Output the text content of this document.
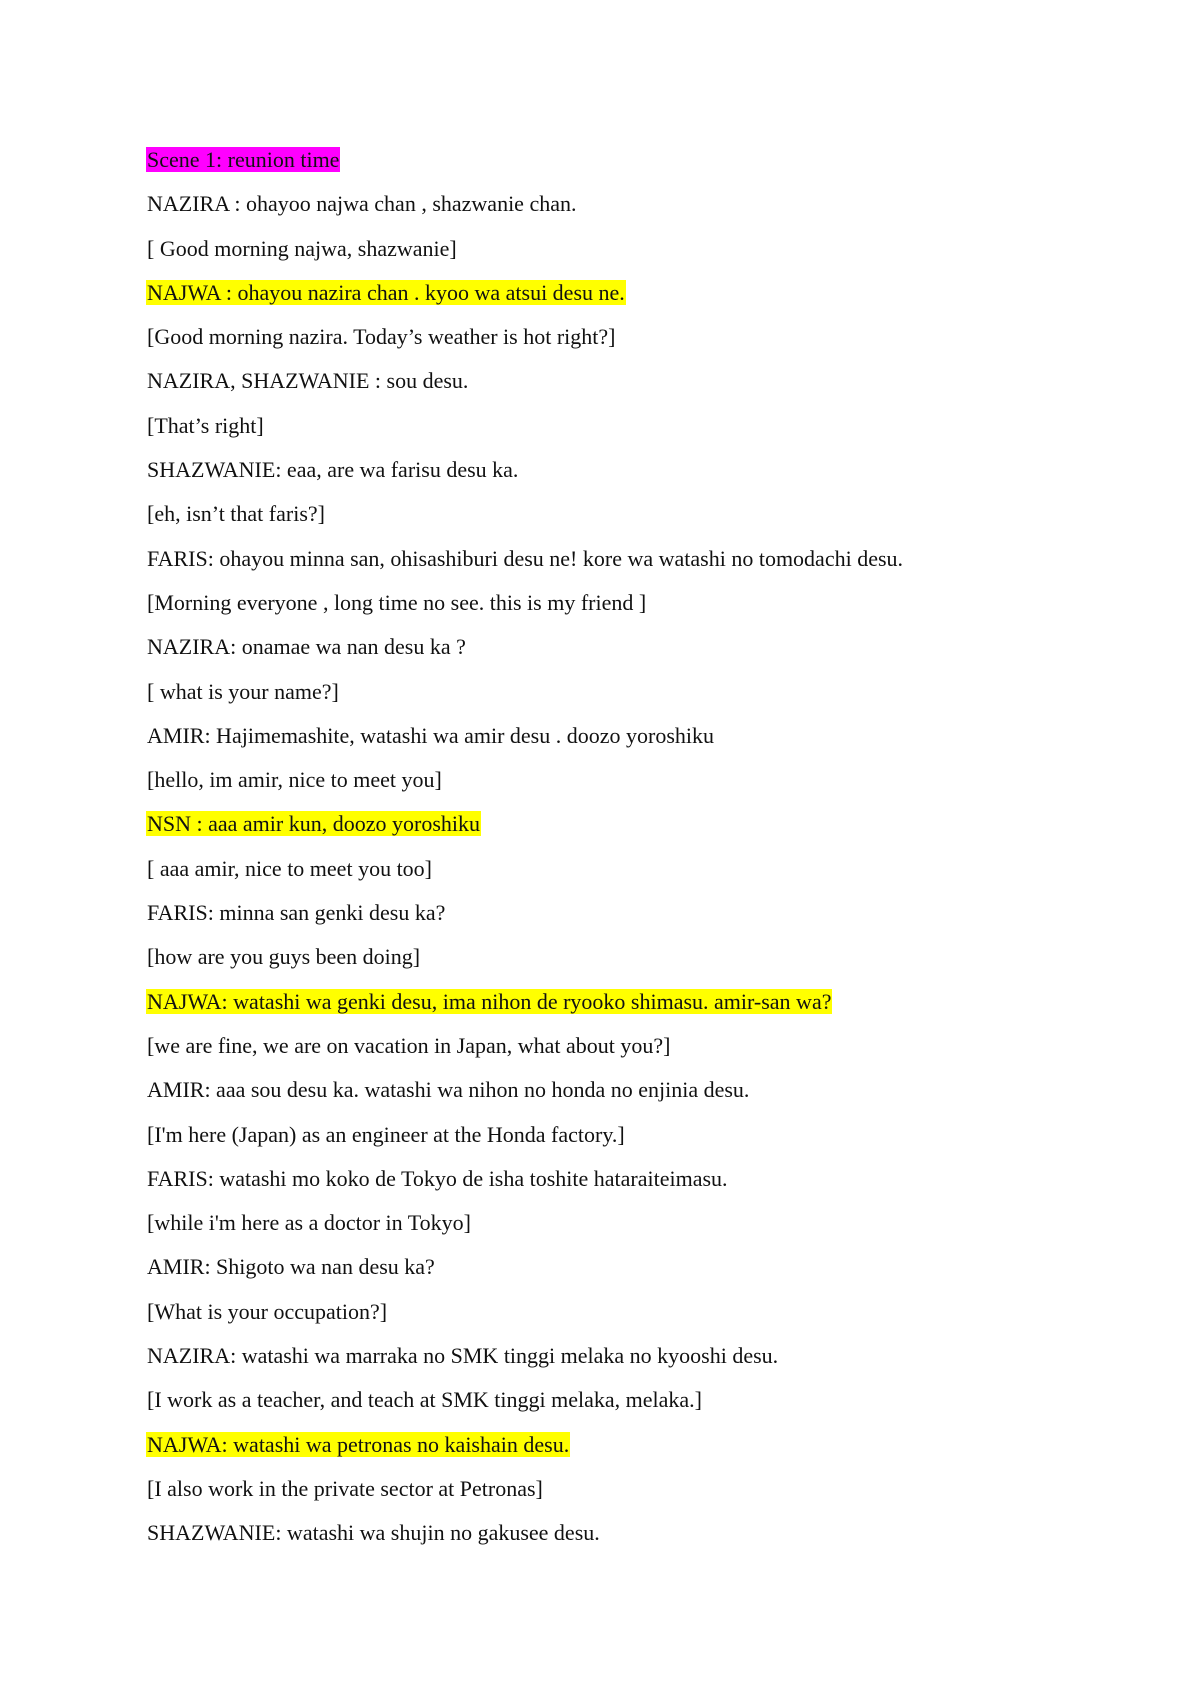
Scene 1: reunion time
NAZIRA : ohayoo najwa chan , shazwanie chan.
[ Good morning najwa, shazwanie]
NAJWA : ohayou nazira chan . kyoo wa atsui desu ne.
[Good morning nazira. Today’s weather is hot right?]
NAZIRA, SHAZWANIE : sou desu.
[That’s right]
SHAZWANIE: eaa, are wa farisu desu ka.
[eh, isn’t that faris?]
FARIS: ohayou minna san, ohisashiburi desu ne! kore wa watashi no tomodachi desu.
[Morning everyone , long time no see. this is my friend ]
NAZIRA: onamae wa nan desu ka ?
[ what is your name?]
AMIR: Hajimemashite, watashi wa amir desu . doozo yoroshiku
[hello, im amir, nice to meet you]
NSN : aaa amir kun, doozo yoroshiku
[ aaa amir, nice to meet you too]
FARIS: minna san genki desu ka?
[how are you guys been doing]
NAJWA: watashi wa genki desu, ima nihon de ryooko shimasu. amir-san wa?
[we are fine, we are on vacation in Japan, what about you?]
AMIR: aaa sou desu ka. watashi wa nihon no honda no enjinia desu.
[I'm here (Japan) as an engineer at the Honda factory.]
FARIS: watashi mo koko de Tokyo de isha toshite hataraiteimasu.
[while i'm here as a doctor in Tokyo]
AMIR: Shigoto wa nan desu ka?
[What is your occupation?]
NAZIRA: watashi wa marraka no SMK tinggi melaka no kyooshi desu.
[I work as a teacher, and teach at SMK tinggi melaka, melaka.]
NAJWA: watashi wa petronas no kaishain desu.
[I also work in the private sector at Petronas]
SHAZWANIE: watashi wa shujin no gakusee desu.
